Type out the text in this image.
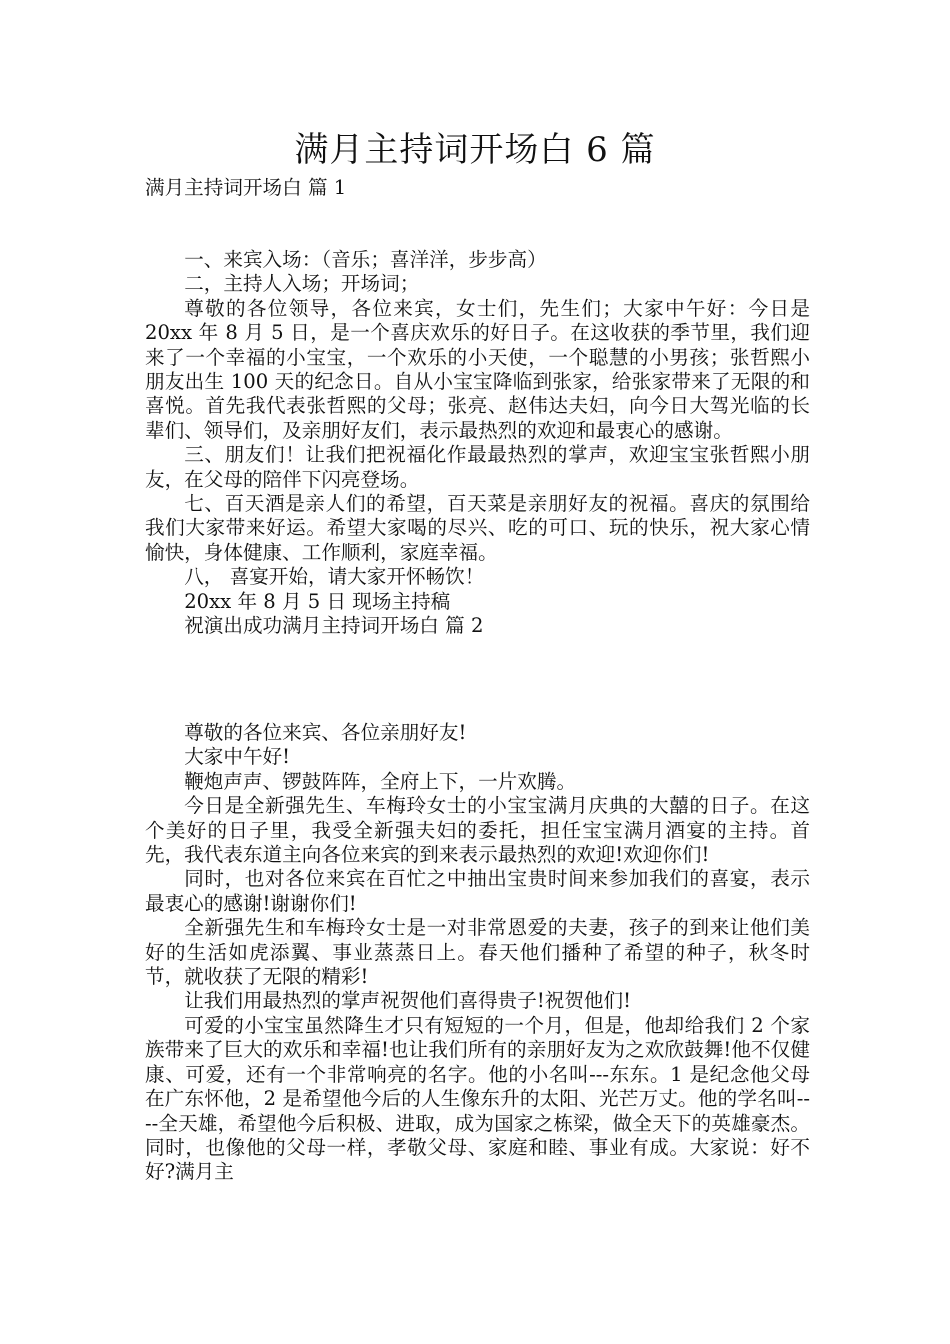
满月主持词开场白 6 篇
满月主持词开场白 篇 1

一、来宾入场：（音乐；喜洋洋，步步高）

二，主持人入场；开场词；

尊敬的各位领导，各位来宾，女士们，先生们；大家中午好：今日是 20xx 年 8 月 5 日，是一个喜庆欢乐的好日子。在这收获的季节里，我们迎来了一个幸福的小宝宝，一个欢乐的小天使，一个聪慧的小男孩；张哲熙小朋友出生 100 天的纪念日。自从小宝宝降临到张家，给张家带来了无限的和喜悦。首先我代表张哲熙的父母；张亮、赵伟达夫妇，向今日大驾光临的长辈们、领导们，及亲朋好友们，表示最热烈的欢迎和最衷心的感谢。

三、朋友们！让我们把祝福化作最最热烈的掌声，欢迎宝宝张哲熙小朋友，在父母的陪伴下闪亮登场。

七、百天酒是亲人们的希望，百天菜是亲朋好友的祝福。喜庆的氛围给我们大家带来好运。希望大家喝的尽兴、吃的可口、玩的快乐，祝大家心情愉快，身体健康、工作顺利，家庭幸福。

八， 喜宴开始，请大家开怀畅饮！

20xx 年 8 月 5 日 现场主持稿

祝演出成功满月主持词开场白 篇 2

尊敬的各位来宾、各位亲朋好友!

大家中午好!

鞭炮声声、锣鼓阵阵，全府上下，一片欢腾。

今日是全新强先生、车梅玲女士的小宝宝满月庆典的大囍的日子。在这个美好的日子里，我受全新强夫妇的委托，担任宝宝满月酒宴的主持。首先，我代表东道主向各位来宾的到来表示最热烈的欢迎!欢迎你们!

同时，也对各位来宾在百忙之中抽出宝贵时间来参加我们的喜宴，表示最衷心的感谢!谢谢你们!

全新强先生和车梅玲女士是一对非常恩爱的夫妻，孩子的到来让他们美好的生活如虎添翼、事业蒸蒸日上。春天他们播种了希望的种子，秋冬时节，就收获了无限的精彩!

让我们用最热烈的掌声祝贺他们喜得贵子!祝贺他们!

可爱的小宝宝虽然降生才只有短短的一个月，但是，他却给我们 2 个家族带来了巨大的欢乐和幸福!也让我们所有的亲朋好友为之欢欣鼓舞!他不仅健康、可爱，还有一个非常响亮的名字。他的小名叫---东东。1 是纪念他父母在广东怀他，2 是希望他今后的人生像东升的太阳、光芒万丈。他的学名叫----全天雄，希望他今后积极、进取，成为国家之栋梁，做全天下的英雄豪杰。同时，也像他的父母一样，孝敬父母、家庭和睦、事业有成。大家说：好不好?满月主
